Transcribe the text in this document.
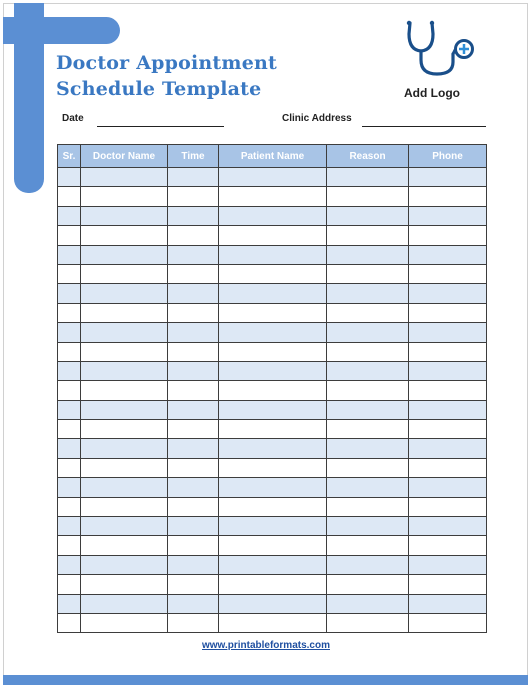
Doctor Appointment
Schedule Template	Add Logo
Date	Clinic Address
Sr.	Doctor Name	Time	Patient Name	Reason	Phone

www.printableformats.com
